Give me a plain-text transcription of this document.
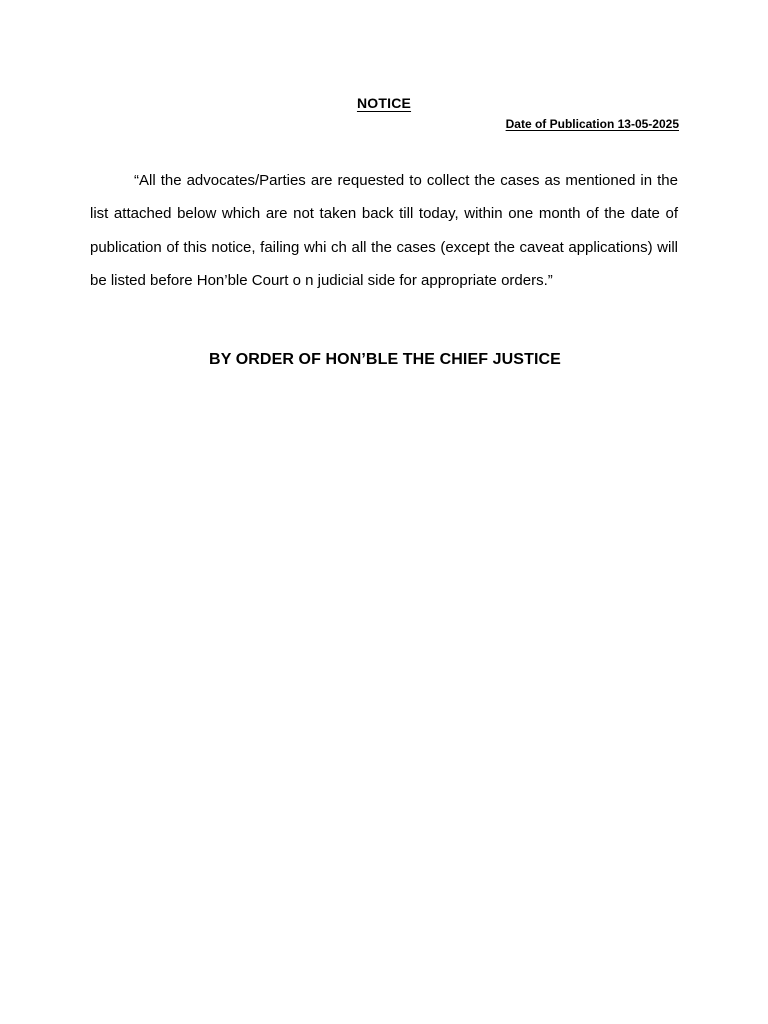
NOTICE
Date of Publication 13-05-2025

“All the advocates/Parties are requested to collect the cases as mentioned in the list attached below which are not taken back till today, within one month of the date of publication of this notice, failing whi ch all the cases (except the caveat applications) will be listed before Hon’ble Court o n judicial side for appropriate orders.”

BY ORDER OF HON’BLE THE CHIEF JUSTICE
